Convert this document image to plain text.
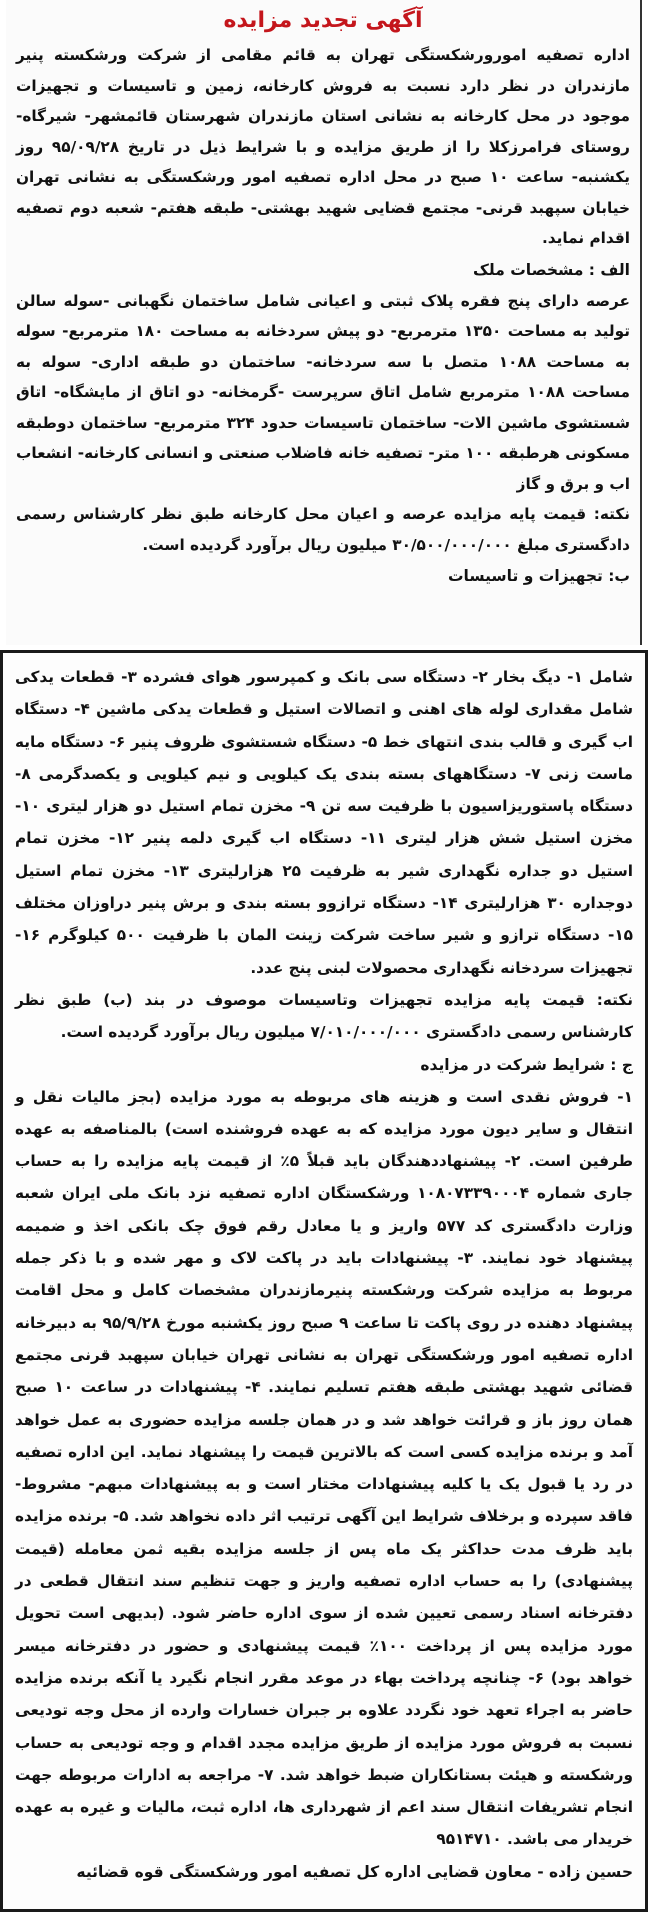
آگهی تجدید مزایده

اداره تصفیه امورورشکستگی تهران به قائم مقامی از شرکت ورشکسته پنیر مازندران در نظر دارد نسبت به فروش کارخانه، زمین و تاسیسات و تجهیزات موجود در محل کارخانه به نشانی استان مازندران شهرستان قائمشهر- شیرگاه- روستای فرامرزکلا را از طریق مزایده و با شرایط ذیل در تاریخ ۹۵/۰۹/۲۸ روز یکشنبه- ساعت ۱۰ صبح در محل اداره تصفیه امور ورشکستگی به نشانی تهران خیابان سپهبد قرنی- مجتمع قضایی شهید بهشتی- طبقه هفتم- شعبه دوم تصفیه اقدام نماید.

الف : مشخصات ملک

عرصه دارای پنج فقره پلاک ثبتی و اعیانی شامل ساختمان نگهبانی -سوله سالن تولید به مساحت ۱۳۵۰ مترمربع- دو پیش سردخانه به مساحت ۱۸۰ مترمربع- سوله به مساحت ۱۰۸۸ متصل با سه سردخانه- ساختمان دو طبقه اداری- سوله به مساحت ۱۰۸۸ مترمربع شامل اتاق سرپرست -گرمخانه- دو اتاق از مایشگاه- اتاق شستشوی ماشین الات- ساختمان تاسیسات حدود ۳۲۴ مترمربع- ساختمان دوطبقه مسکونی هرطبقه ۱۰۰ متر- تصفیه خانه فاضلاب صنعتی و انسانی کارخانه- انشعاب اب و برق و گاز

نکته: قیمت پایه مزایده عرصه و اعیان محل کارخانه طبق نظر کارشناس رسمی دادگستری مبلغ ۳۰/۵۰۰/۰۰۰/۰۰۰ میلیون ریال برآورد گردیده است.

ب: تجهیزات و تاسیسات

شامل ۱- دیگ بخار ۲- دستگاه سی بانک و کمپرسور هوای فشرده ۳- قطعات یدکی شامل مقداری لوله های اهنی و اتصالات استیل و قطعات یدکی ماشین ۴- دستگاه اب گیری و قالب بندی انتهای خط ۵- دستگاه شستشوی ظروف پنیر ۶- دستگاه مایه ماست زنی ۷- دستگاههای بسته بندی یک کیلویی و نیم کیلویی و یکصدگرمی ۸- دستگاه پاستوریزاسیون با ظرفیت سه تن ۹- مخزن تمام استیل دو هزار لیتری ۱۰- مخزن استیل شش هزار لیتری ۱۱- دستگاه اب گیری دلمه پنیر ۱۲- مخزن تمام استیل دو جداره نگهداری شیر به ظرفیت ۲۵ هزارلیتری ۱۳- مخزن تمام استیل دوجداره ۳۰ هزارلیتری ۱۴- دستگاه ترازوو بسته بندی و برش پنیر دراوزان مختلف ۱۵- دستگاه ترازو و شیر ساخت شرکت زینت المان با ظرفیت ۵۰۰ کیلوگرم ۱۶- تجهیزات سردخانه نگهداری محصولات لبنی پنج عدد.

نکته: قیمت پایه مزایده تجهیزات وتاسیسات موصوف در بند (ب) طبق نظر کارشناس رسمی دادگستری ۷/۰۱۰/۰۰۰/۰۰۰ میلیون ریال برآورد گردیده است.

ج : شرایط شرکت در مزایده

۱- فروش نقدی است و هزینه های مربوطه به مورد مزایده (بجز مالیات نقل و انتقال و سایر دیون مورد مزایده که به عهده فروشنده است) بالمناصفه به عهده طرفین است. ۲- پیشنهاددهندگان باید قبلاً ۵٪ از قیمت پایه مزایده را به حساب جاری شماره ۱۰۸۰۷۳۳۹۰۰۰۴ ورشکستگان اداره تصفیه نزد بانک ملی ایران شعبه وزارت دادگستری کد ۵۷۷ واریز و یا معادل رقم فوق چک بانکی اخذ و ضمیمه پیشنهاد خود نمایند. ۳- پیشنهادات باید در پاکت لاک و مهر شده و با ذکر جمله مربوط به مزایده شرکت ورشکسته پنیرمازندران مشخصات کامل و محل اقامت پیشنهاد دهنده در روی پاکت تا ساعت ۹ صبح روز یکشنبه مورخ ۹۵/۹/۲۸ به دبیرخانه اداره تصفیه امور ورشکستگی تهران به نشانی تهران خیابان سپهبد قرنی مجتمع قضائی شهید بهشتی طبقه هفتم تسلیم نمایند. ۴- پیشنهادات در ساعت ۱۰ صبح همان روز باز و قرائت خواهد شد و در همان جلسه مزایده حضوری به عمل خواهد آمد و برنده مزایده کسی است که بالاترین قیمت را پیشنهاد نماید. این اداره تصفیه در رد یا قبول یک یا کلیه پیشنهادات مختار است و به پیشنهادات مبهم- مشروط- فاقد سپرده و برخلاف شرایط این آگهی ترتیب اثر داده نخواهد شد. ۵- برنده مزایده باید ظرف مدت حداکثر یک ماه پس از جلسه مزایده بقیه ثمن معامله (قیمت پیشنهادی) را به حساب اداره تصفیه واریز و جهت تنظیم سند انتقال قطعی در دفترخانه اسناد رسمی تعیین شده از سوی اداره حاضر شود. (بدیهی است تحویل مورد مزایده پس از پرداخت ۱۰۰٪ قیمت پیشنهادی و حضور در دفترخانه میسر خواهد بود) ۶- چنانچه پرداخت بهاء در موعد مقرر انجام نگیرد یا آنکه برنده مزایده حاضر به اجراء تعهد خود نگردد علاوه بر جبران خسارات وارده از محل وجه تودیعی نسبت به فروش مورد مزایده از طریق مزایده مجدد اقدام و وجه تودیعی به حساب ورشکسته و هیئت بستانکاران ضبط خواهد شد. ۷- مراجعه به ادارات مربوطه جهت انجام تشریفات انتقال سند اعم از شهرداری ها، اداره ثبت، مالیات و غیره به عهده خریدار می باشد. ۹۵۱۴۷۱۰

حسین زاده - معاون قضایی اداره کل تصفیه امور ورشکستگی قوه قضائیه
